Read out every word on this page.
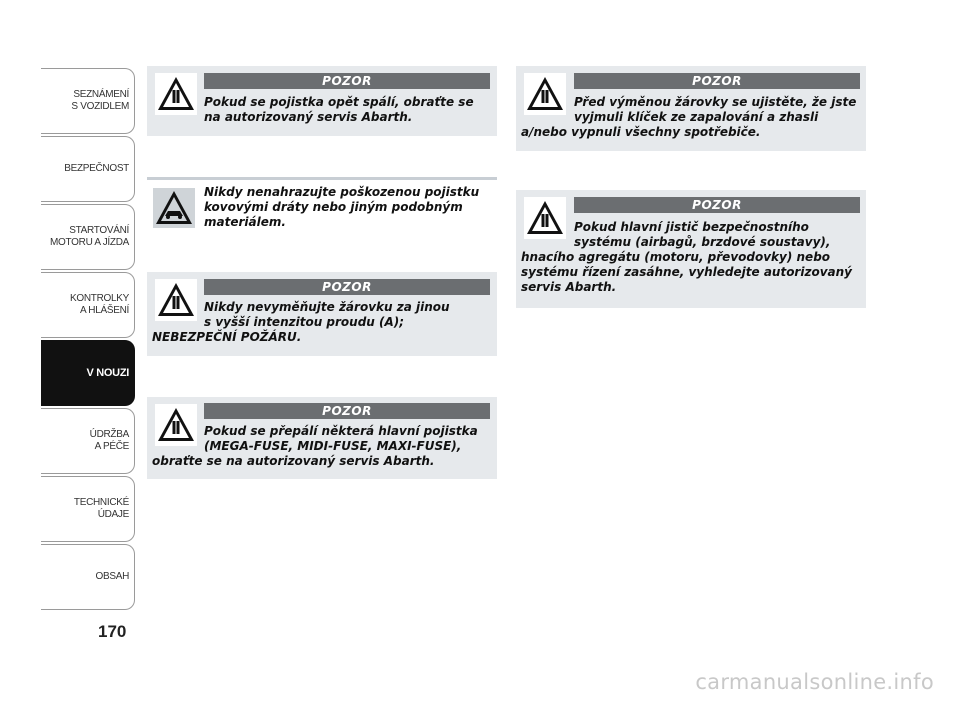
SEZNÁMENÍ
S VOZIDLEM
BEZPEČNOST
STARTOVÁNÍ
MOTORU A JÍZDA
KONTROLKY
A HLÁŠENÍ
V NOUZI
ÚDRŽBA
A PÉČE
TECHNICKÉ
ÚDAJE
OBSAH
170
POZOR
Pokud se pojistka opět spálí, obraťte se
na autorizovaný servis Abarth.
Nikdy nenahrazujte poškozenou pojistku
kovovými dráty nebo jiným podobným
materiálem.
POZOR
Nikdy nevyměňujte žárovku za jinou
s vyšší intenzitou proudu (A);
NEBEZPEČNÍ POŽÁRU.
POZOR
Pokud se přepálí některá hlavní pojistka
(MEGA-FUSE, MIDI-FUSE, MAXI-FUSE),
obraťte se na autorizovaný servis Abarth.
POZOR
Před výměnou žárovky se ujistěte, že jste
vyjmuli klíček ze zapalování a zhasli
a/nebo vypnuli všechny spotřebiče.
POZOR
Pokud hlavní jistič bezpečnostního
systému (airbagů, brzdové soustavy),
hnacího agregátu (motoru, převodovky) nebo
systému řízení zasáhne, vyhledejte autorizovaný
servis Abarth.
carmanualsonline.info
